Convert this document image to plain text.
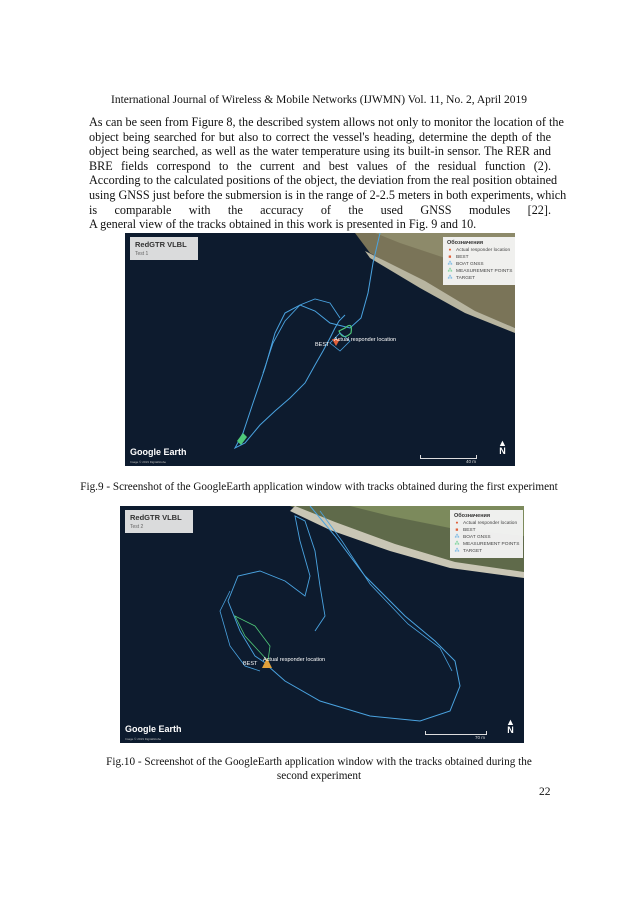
International Journal of Wireless & Mobile Networks (IJWMN) Vol. 11, No. 2, April 2019
As can be seen from Figure 8, the described system allows not only to monitor the location of the
object being searched for but also to correct the vessel's heading, determine the depth of the
object being searched, as well as the water temperature using its built-in sensor. The RER and
BRE fields correspond to the current and best values of the residual function (2).
According to the calculated positions of the object, the deviation from the real position obtained
using GNSS just before the submersion is in the range of 2-2.5 meters in both experiments, which
is comparable with the accuracy of the used GNSS modules [22].
A general view of the tracks obtained in this work is presented in Fig. 9 and 10.
RedGTR VLBL
Test 1
Обозначения
● Actual responder location
■ BEST
⁂ BOAT GNSS
⁂ MEASUREMENT POINTS
⁂ TARGET
BEST
Actual responder location
Google Earth
Image © 2019 DigitalGlobe	40 m
▲
N
Fig.9 - Screenshot of the GoogleEarth application window with tracks obtained during the first experiment
RedGTR VLBL
Test 2
Обозначения
● Actual responder location
■ BEST
⁂ BOAT GNSS
⁂ MEASUREMENT POINTS
⁂ TARGET
BEST
Actual responder location
Google Earth
Image © 2019 DigitalGlobe	70 m
▲
N
Fig.10 - Screenshot of the GoogleEarth application window with the tracks obtained during the
second experiment
22
